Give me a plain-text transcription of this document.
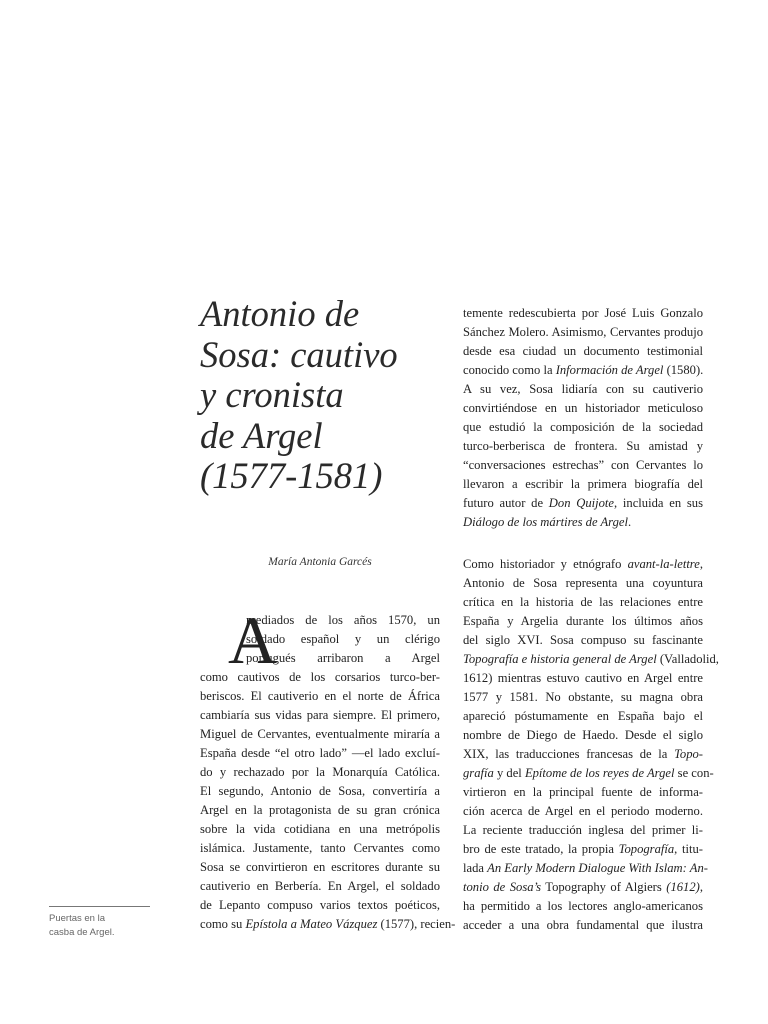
Antonio de
Sosa: cautivo
y cronista
de Argel
(1577-1581)
María Antonia Garcés
A
mediados de los años 1570, un
soldado español y un clérigo
portugués arribaron a Argel
como cautivos de los corsarios turco-ber-
beriscos. El cautiverio en el norte de África
cambiaría sus vidas para siempre. El primero,
Miguel de Cervantes, eventualmente miraría a
España desde “el otro lado” —el lado excluí-
do y rechazado por la Monarquía Católica.
El segundo, Antonio de Sosa, convertiría a
Argel en la protagonista de su gran crónica
sobre la vida cotidiana en una metrópolis
islámica. Justamente, tanto Cervantes como
Sosa se convirtieron en escritores durante su
cautiverio en Berbería. En Argel, el soldado
de Lepanto compuso varios textos poéticos,
como su Epístola a Mateo Vázquez (1577), recien-
temente redescubierta por José Luis Gonzalo
Sánchez Molero. Asimismo, Cervantes produjo
desde esa ciudad un documento testimonial
conocido como la Información de Argel (1580).
A su vez, Sosa lidiaría con su cautiverio
convirtiéndose en un historiador meticuloso
que estudió la composición de la sociedad
turco-berberisca de frontera. Su amistad y
“conversaciones estrechas” con Cervantes lo
llevaron a escribir la primera biografía del
futuro autor de Don Quijote, incluida en sus
Diálogo de los mártires de Argel.
Como historiador y etnógrafo avant-la-lettre,
Antonio de Sosa representa una coyuntura
crítica en la historia de las relaciones entre
España y Argelia durante los últimos años
del siglo XVI. Sosa compuso su fascinante
Topografía e historia general de Argel (Valladolid,
1612) mientras estuvo cautivo en Argel entre
1577 y 1581. No obstante, su magna obra
apareció póstumamente en España bajo el
nombre de Diego de Haedo. Desde el siglo
XIX, las traducciones francesas de la Topo-
grafía y del Epítome de los reyes de Argel se con-
virtieron en la principal fuente de informa-
ción acerca de Argel en el periodo moderno.
La reciente traducción inglesa del primer li-
bro de este tratado, la propia Topografía, titu-
lada An Early Modern Dialogue With Islam: An-
tonio de Sosa’s Topography of Algiers (1612),
ha permitido a los lectores anglo-americanos
acceder a una obra fundamental que ilustra
Puertas en la
casba de Argel.
